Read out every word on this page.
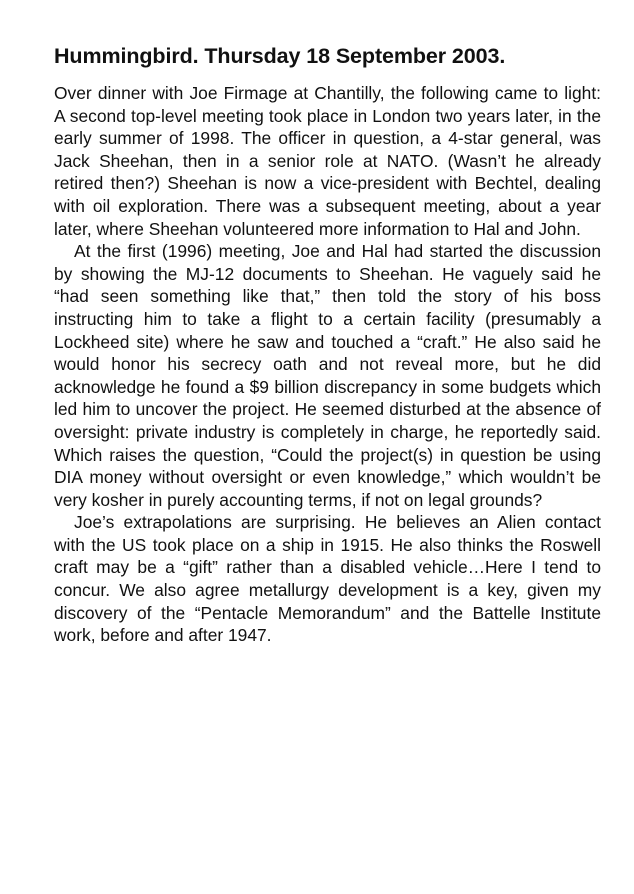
Hummingbird. Thursday 18 September 2003.

Over dinner with Joe Firmage at Chantilly, the following came to light: A second top-level meeting took place in London two years later, in the early summer of 1998. The officer in question, a 4-star general, was Jack Sheehan, then in a senior role at NATO. (Wasn’t he already retired then?) Sheehan is now a vice-president with Bechtel, dealing with oil exploration. There was a subsequent meeting, about a year later, where Sheehan volunteered more information to Hal and John.

At the first (1996) meeting, Joe and Hal had started the discussion by showing the MJ-12 documents to Sheehan. He vaguely said he “had seen something like that,” then told the story of his boss instructing him to take a flight to a certain facility (presumably a Lockheed site) where he saw and touched a “craft.” He also said he would honor his secrecy oath and not reveal more, but he did acknowledge he found a $9 billion discrepancy in some budgets which led him to uncover the project. He seemed disturbed at the absence of oversight: private industry is completely in charge, he reportedly said. Which raises the question, “Could the project(s) in question be using DIA money without oversight or even knowledge,” which wouldn’t be very kosher in purely accounting terms, if not on legal grounds?

Joe’s extrapolations are surprising. He believes an Alien contact with the US took place on a ship in 1915. He also thinks the Roswell craft may be a “gift” rather than a disabled vehicle…Here I tend to concur. We also agree metallurgy development is a key, given my discovery of the “Pentacle Memorandum” and the Battelle Institute work, before and after 1947.
